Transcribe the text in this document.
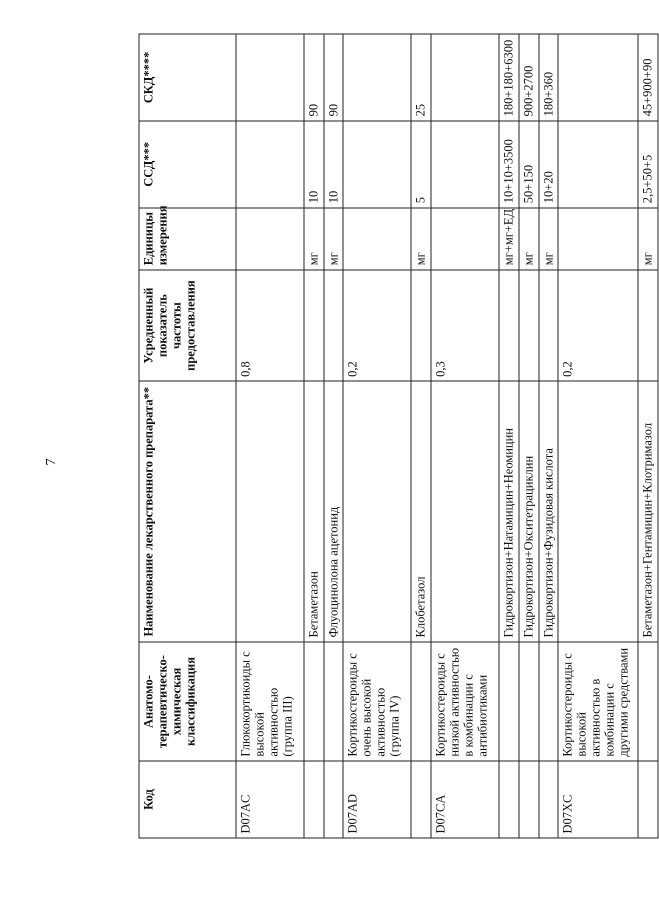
7
Код	Анатомо-терапевтическо-химическая классификация	Наименование лекарственного препарата**	Усредненный показатель частоты предоставления	Единицы измерения	ССД***	СКД****
D07AC	Глюкокортикоиды с высокой активностью (группа III)		0,8			
		Бетаметазон		мг	10	90
		Флуоцинолона ацетонид		мг	10	90
D07AD	Кортикостероиды с очень высокой активностью (группа IV)		0,2			
		Клобетазол		мг	5	25
D07CA	Кортикостероиды с низкой активностью в комбинации с антибиотиками		0,3			
		Гидрокортизон+Натамицин+Неомицин		мг+мг+ЕД	10+10+3500	180+180+6300
		Гидрокортизон+Окситетрациклин		мг	50+150	900+2700
		Гидрокортизон+Фузидовая кислота		мг	10+20	180+360
D07XC	Кортикостероиды с высокой активностью в комбинации с другими средствами		0,2			
		Бетаметазон+Гентамицин+Клотримазол		мг	2,5+50+5	45+900+90
